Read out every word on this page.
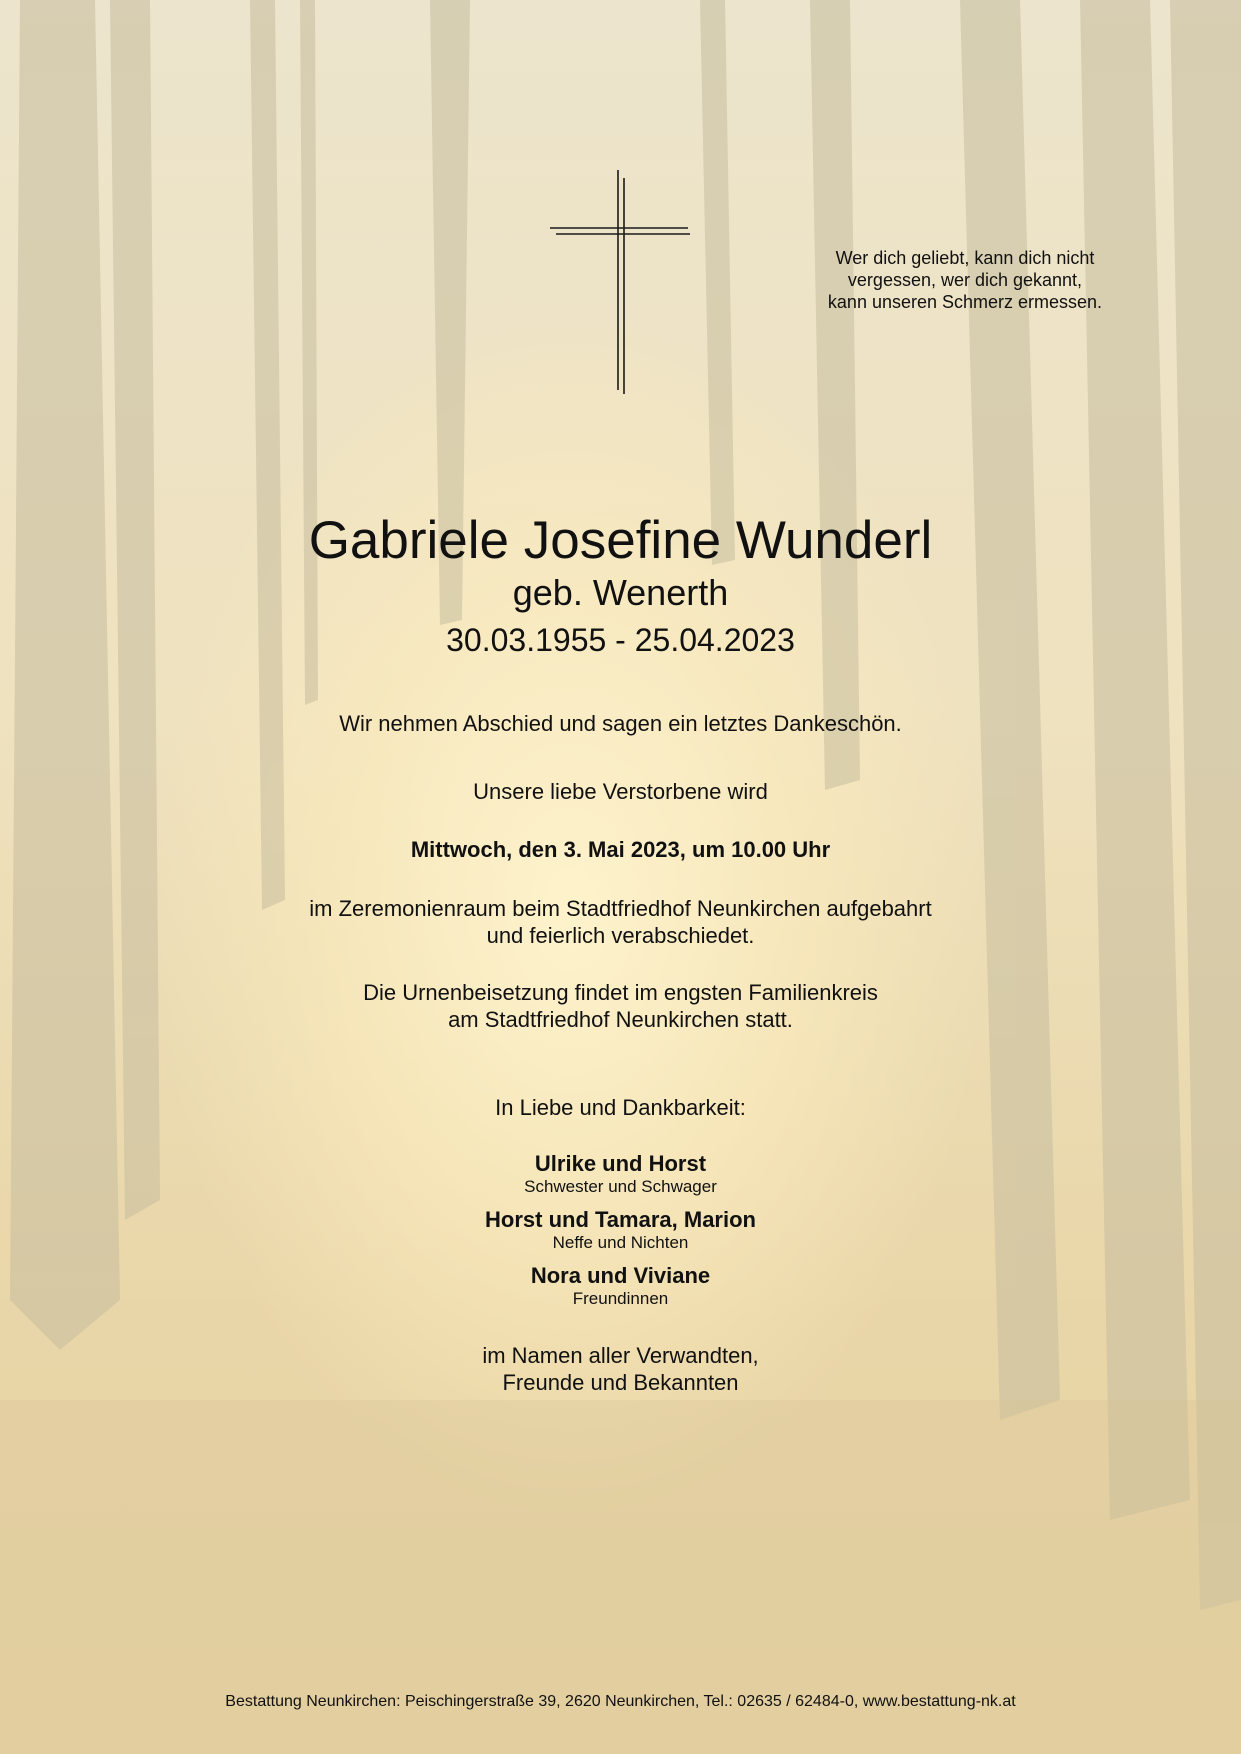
Wer dich geliebt, kann dich nicht
vergessen, wer dich gekannt,
kann unseren Schmerz ermessen.
Gabriele Josefine Wunderl
geb. Wenerth
30.03.1955 - 25.04.2023
Wir nehmen Abschied und sagen ein letztes Dankeschön.
Unsere liebe Verstorbene wird
Mittwoch, den 3. Mai 2023, um 10.00 Uhr
im Zeremonienraum beim Stadtfriedhof Neunkirchen aufgebahrt
und feierlich verabschiedet.
Die Urnenbeisetzung findet im engsten Familienkreis
am Stadtfriedhof Neunkirchen statt.
In Liebe und Dankbarkeit:
Ulrike und Horst
Schwester und Schwager
Horst und Tamara, Marion
Neffe und Nichten
Nora und Viviane
Freundinnen
im Namen aller Verwandten,
Freunde und Bekannten
Bestattung Neunkirchen: Peischingerstraße 39, 2620 Neunkirchen, Tel.: 02635 / 62484-0, www.bestattung-nk.at
